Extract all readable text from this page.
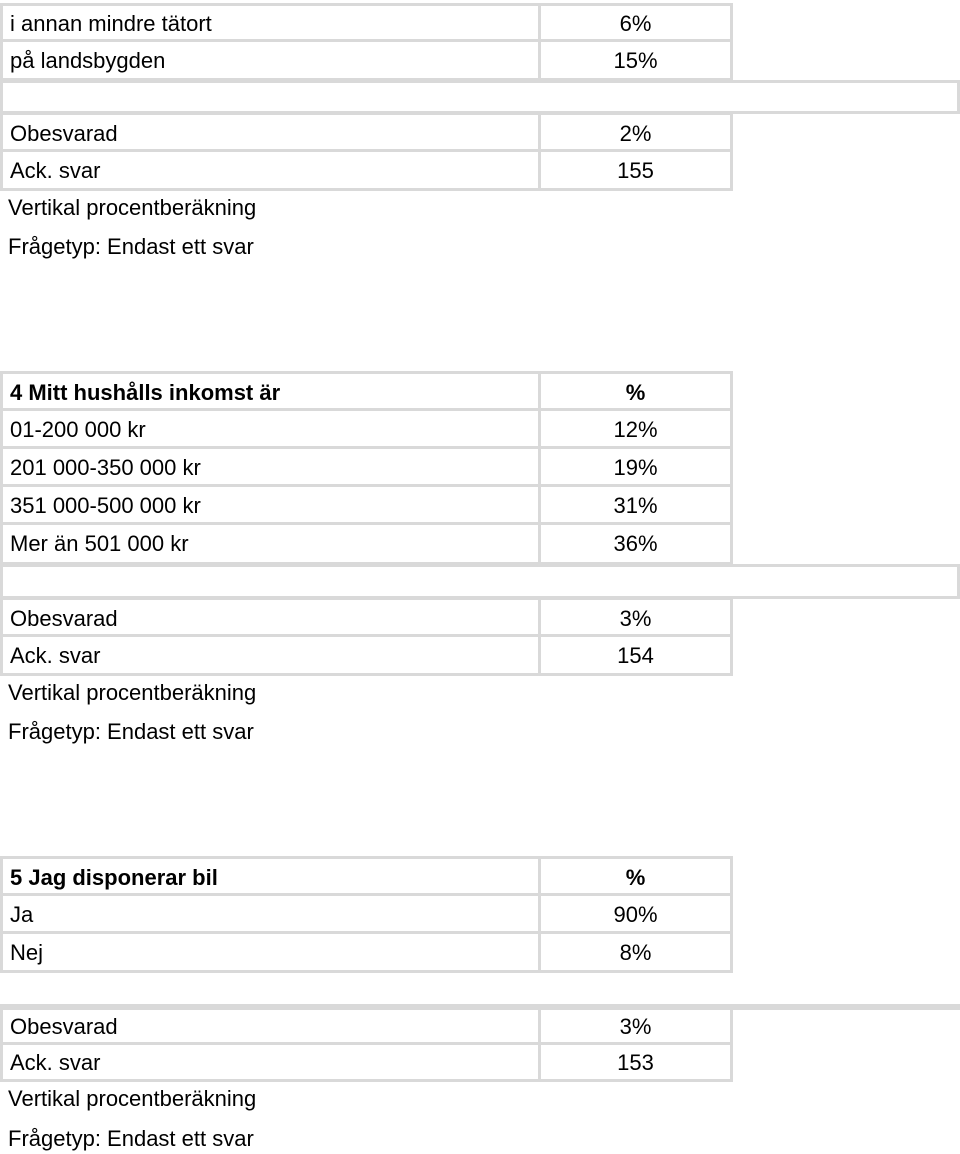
i annan mindre tätort	6%
på landsbygden	15%
Obesvarad	2%
Ack. svar	155
Vertikal procentberäkning
Frågetyp: Endast ett svar
4 Mitt hushålls inkomst är	%
01-200 000 kr	12%
201 000-350 000 kr	19%
351 000-500 000 kr	31%
Mer än 501 000 kr	36%
Obesvarad	3%
Ack. svar	154
Vertikal procentberäkning
Frågetyp: Endast ett svar
5 Jag disponerar bil	%
Ja	90%
Nej	8%
Obesvarad	3%
Ack. svar	153
Vertikal procentberäkning
Frågetyp: Endast ett svar
